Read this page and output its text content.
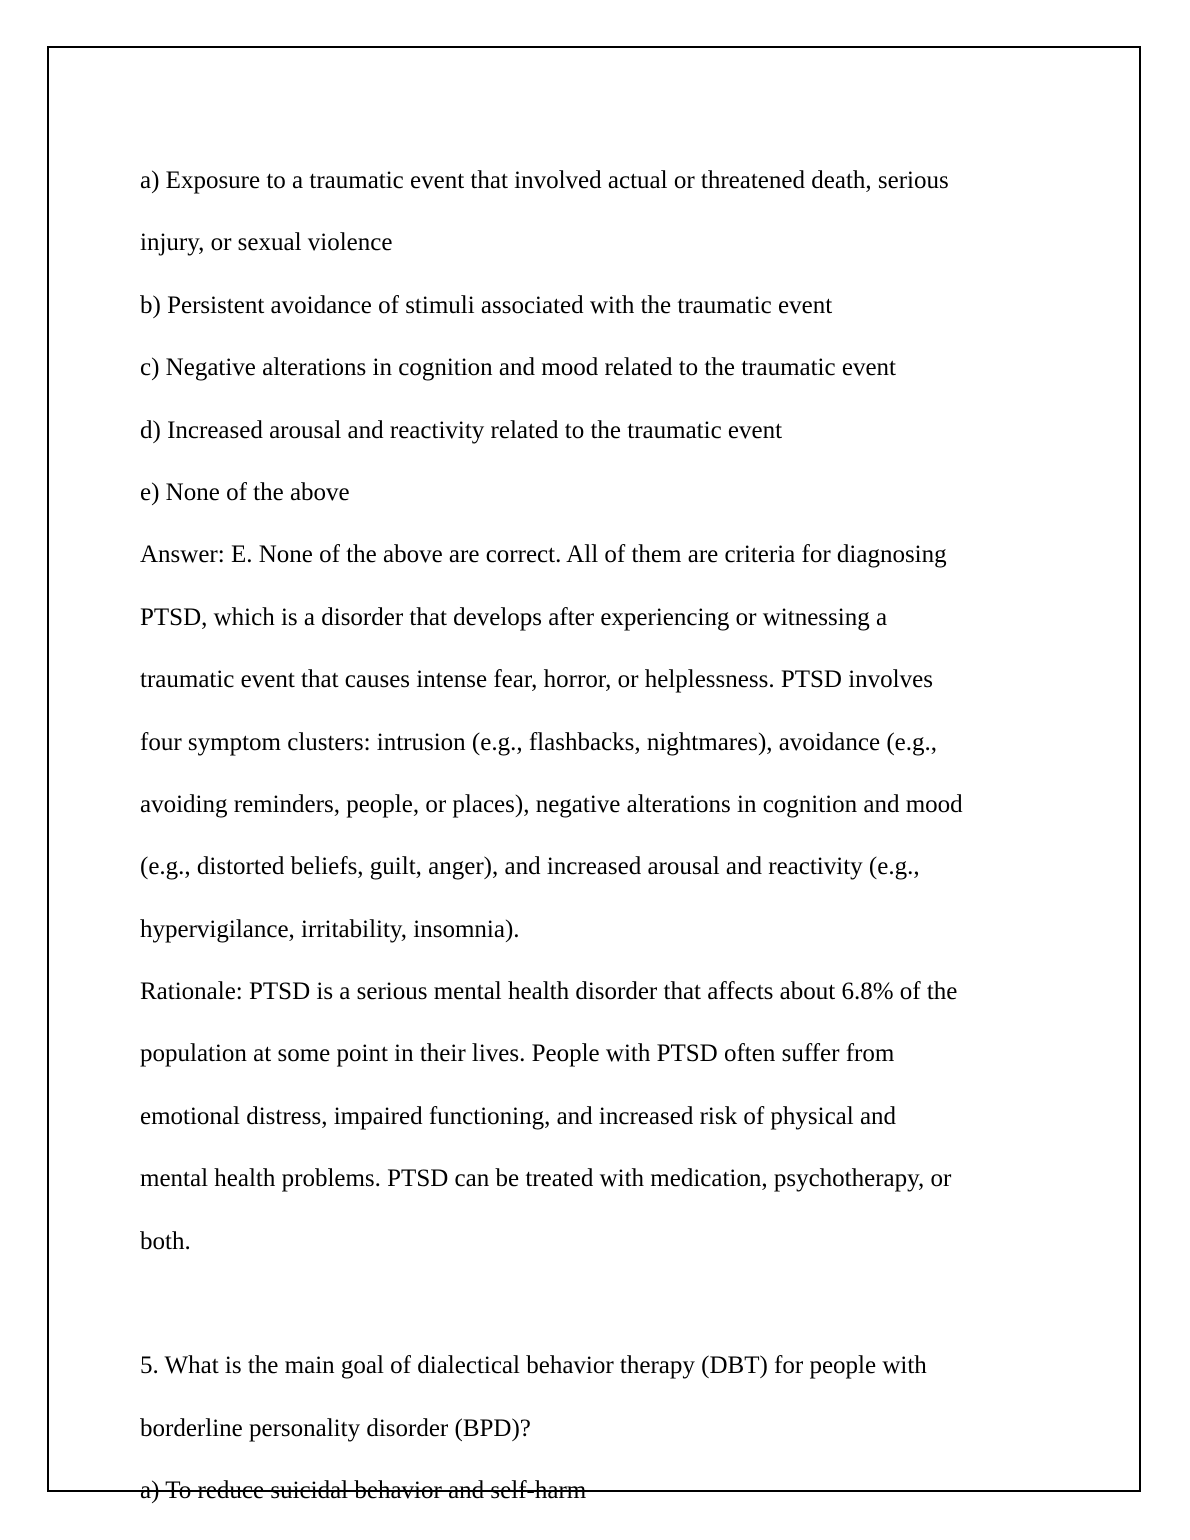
a) Exposure to a traumatic event that involved actual or threatened death, serious
injury, or sexual violence
b) Persistent avoidance of stimuli associated with the traumatic event
c) Negative alterations in cognition and mood related to the traumatic event
d) Increased arousal and reactivity related to the traumatic event
e) None of the above
Answer: E. None of the above are correct. All of them are criteria for diagnosing
PTSD, which is a disorder that develops after experiencing or witnessing a
traumatic event that causes intense fear, horror, or helplessness. PTSD involves
four symptom clusters: intrusion (e.g., flashbacks, nightmares), avoidance (e.g.,
avoiding reminders, people, or places), negative alterations in cognition and mood
(e.g., distorted beliefs, guilt, anger), and increased arousal and reactivity (e.g.,
hypervigilance, irritability, insomnia).
Rationale: PTSD is a serious mental health disorder that affects about 6.8% of the
population at some point in their lives. People with PTSD often suffer from
emotional distress, impaired functioning, and increased risk of physical and
mental health problems. PTSD can be treated with medication, psychotherapy, or
both.
5. What is the main goal of dialectical behavior therapy (DBT) for people with
borderline personality disorder (BPD)?
a) To reduce suicidal behavior and self-harm
